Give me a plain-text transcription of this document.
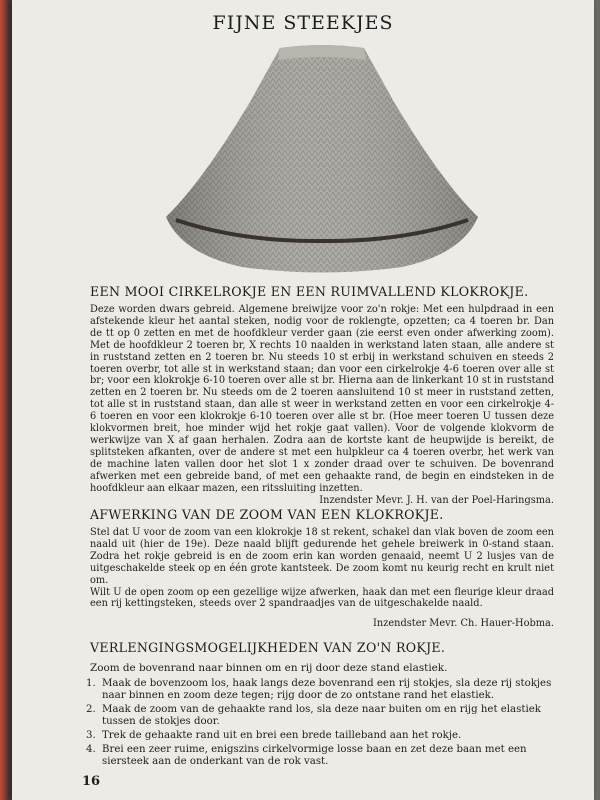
FIJNE STEEKJES
EEN MOOI CIRKELROKJE EN EEN RUIMVALLEND KLOKROKJE.

Deze worden dwars gebreid. Algemene breiwijze voor zo'n rokje: Met een hulpdraad in een afstekende kleur het aantal steken, nodig voor de roklengte, opzetten; ca 4 toeren br. Dan de tt op 0 zetten en met de hoofdkleur verder gaan (zie eerst even onder afwerking zoom). Met de hoofdkleur 2 toeren br, X rechts 10 naalden in werkstand laten staan, alle andere st in ruststand zetten en 2 toeren br. Nu steeds 10 st erbij in werkstand schuiven en steeds 2 toeren overbr, tot alle st in werkstand staan; dan voor een cirkelrokje 4-6 toeren over alle st br; voor een klokrokje 6-10 toeren over alle st br. Hierna aan de linkerkant 10 st in ruststand zetten en 2 toeren br. Nu steeds om de 2 toeren aansluitend 10 st meer in ruststand zetten, tot alle st in ruststand staan, dan alle st weer in werkstand zetten en voor een cirkelrokje 4-6 toeren en voor een klokrokje 6-10 toeren over alle st br. (Hoe meer toeren U tussen deze klokvormen breit, hoe minder wijd het rokje gaat vallen). Voor de volgende klokvorm de werkwijze van X af gaan herhalen. Zodra aan de kortste kant de heupwijde is bereikt, de splitsteken afkanten, over de andere st met een hulpkleur ca 4 toeren overbr, het werk van de machine laten vallen door het slot 1 x zonder draad over te schuiven. De bovenrand afwerken met een gebreide band, of met een gehaakte rand, de begin en eindsteken in de hoofdkleur aan elkaar mazen, een ritssluiting inzetten.

Inzendster Mevr. J. H. van der Poel-Haringsma.

AFWERKING VAN DE ZOOM VAN EEN KLOKROKJE.

Stel dat U voor de zoom van een klokrokje 18 st rekent, schakel dan vlak boven de zoom een naald uit (hier de 19e). Deze naald blijft gedurende het gehele breiwerk in 0-stand staan. Zodra het rokje gebreid is en de zoom erin kan worden genaaid, neemt U 2 lusjes van de uitgeschakelde steek op en één grote kantsteek. De zoom komt nu keurig recht en krult niet om.

Wilt U de open zoom op een gezellige wijze afwerken, haak dan met een fleurige kleur draad een rij kettingsteken, steeds over 2 spandraadjes van de uitgeschakelde naald.

Inzendster Mevr. Ch. Hauer-Hobma.

VERLENGINGSMOGELIJKHEDEN VAN ZO'N ROKJE.
Zoom de bovenrand naar binnen om en rij door deze stand elastiek.
1. Maak de bovenzoom los, haak langs deze bovenrand een rij stokjes, sla deze rij stokjes naar binnen en zoom deze tegen; rijg door de zo ontstane rand het elastiek.
2. Maak de zoom van de gehaakte rand los, sla deze naar buiten om en rijg het elastiek tussen de stokjes door.
3. Trek de gehaakte rand uit en brei een brede tailleband aan het rokje.
4. Brei een zeer ruime, enigszins cirkelvormige losse baan en zet deze baan met een siersteek aan de onderkant van de rok vast.
16
